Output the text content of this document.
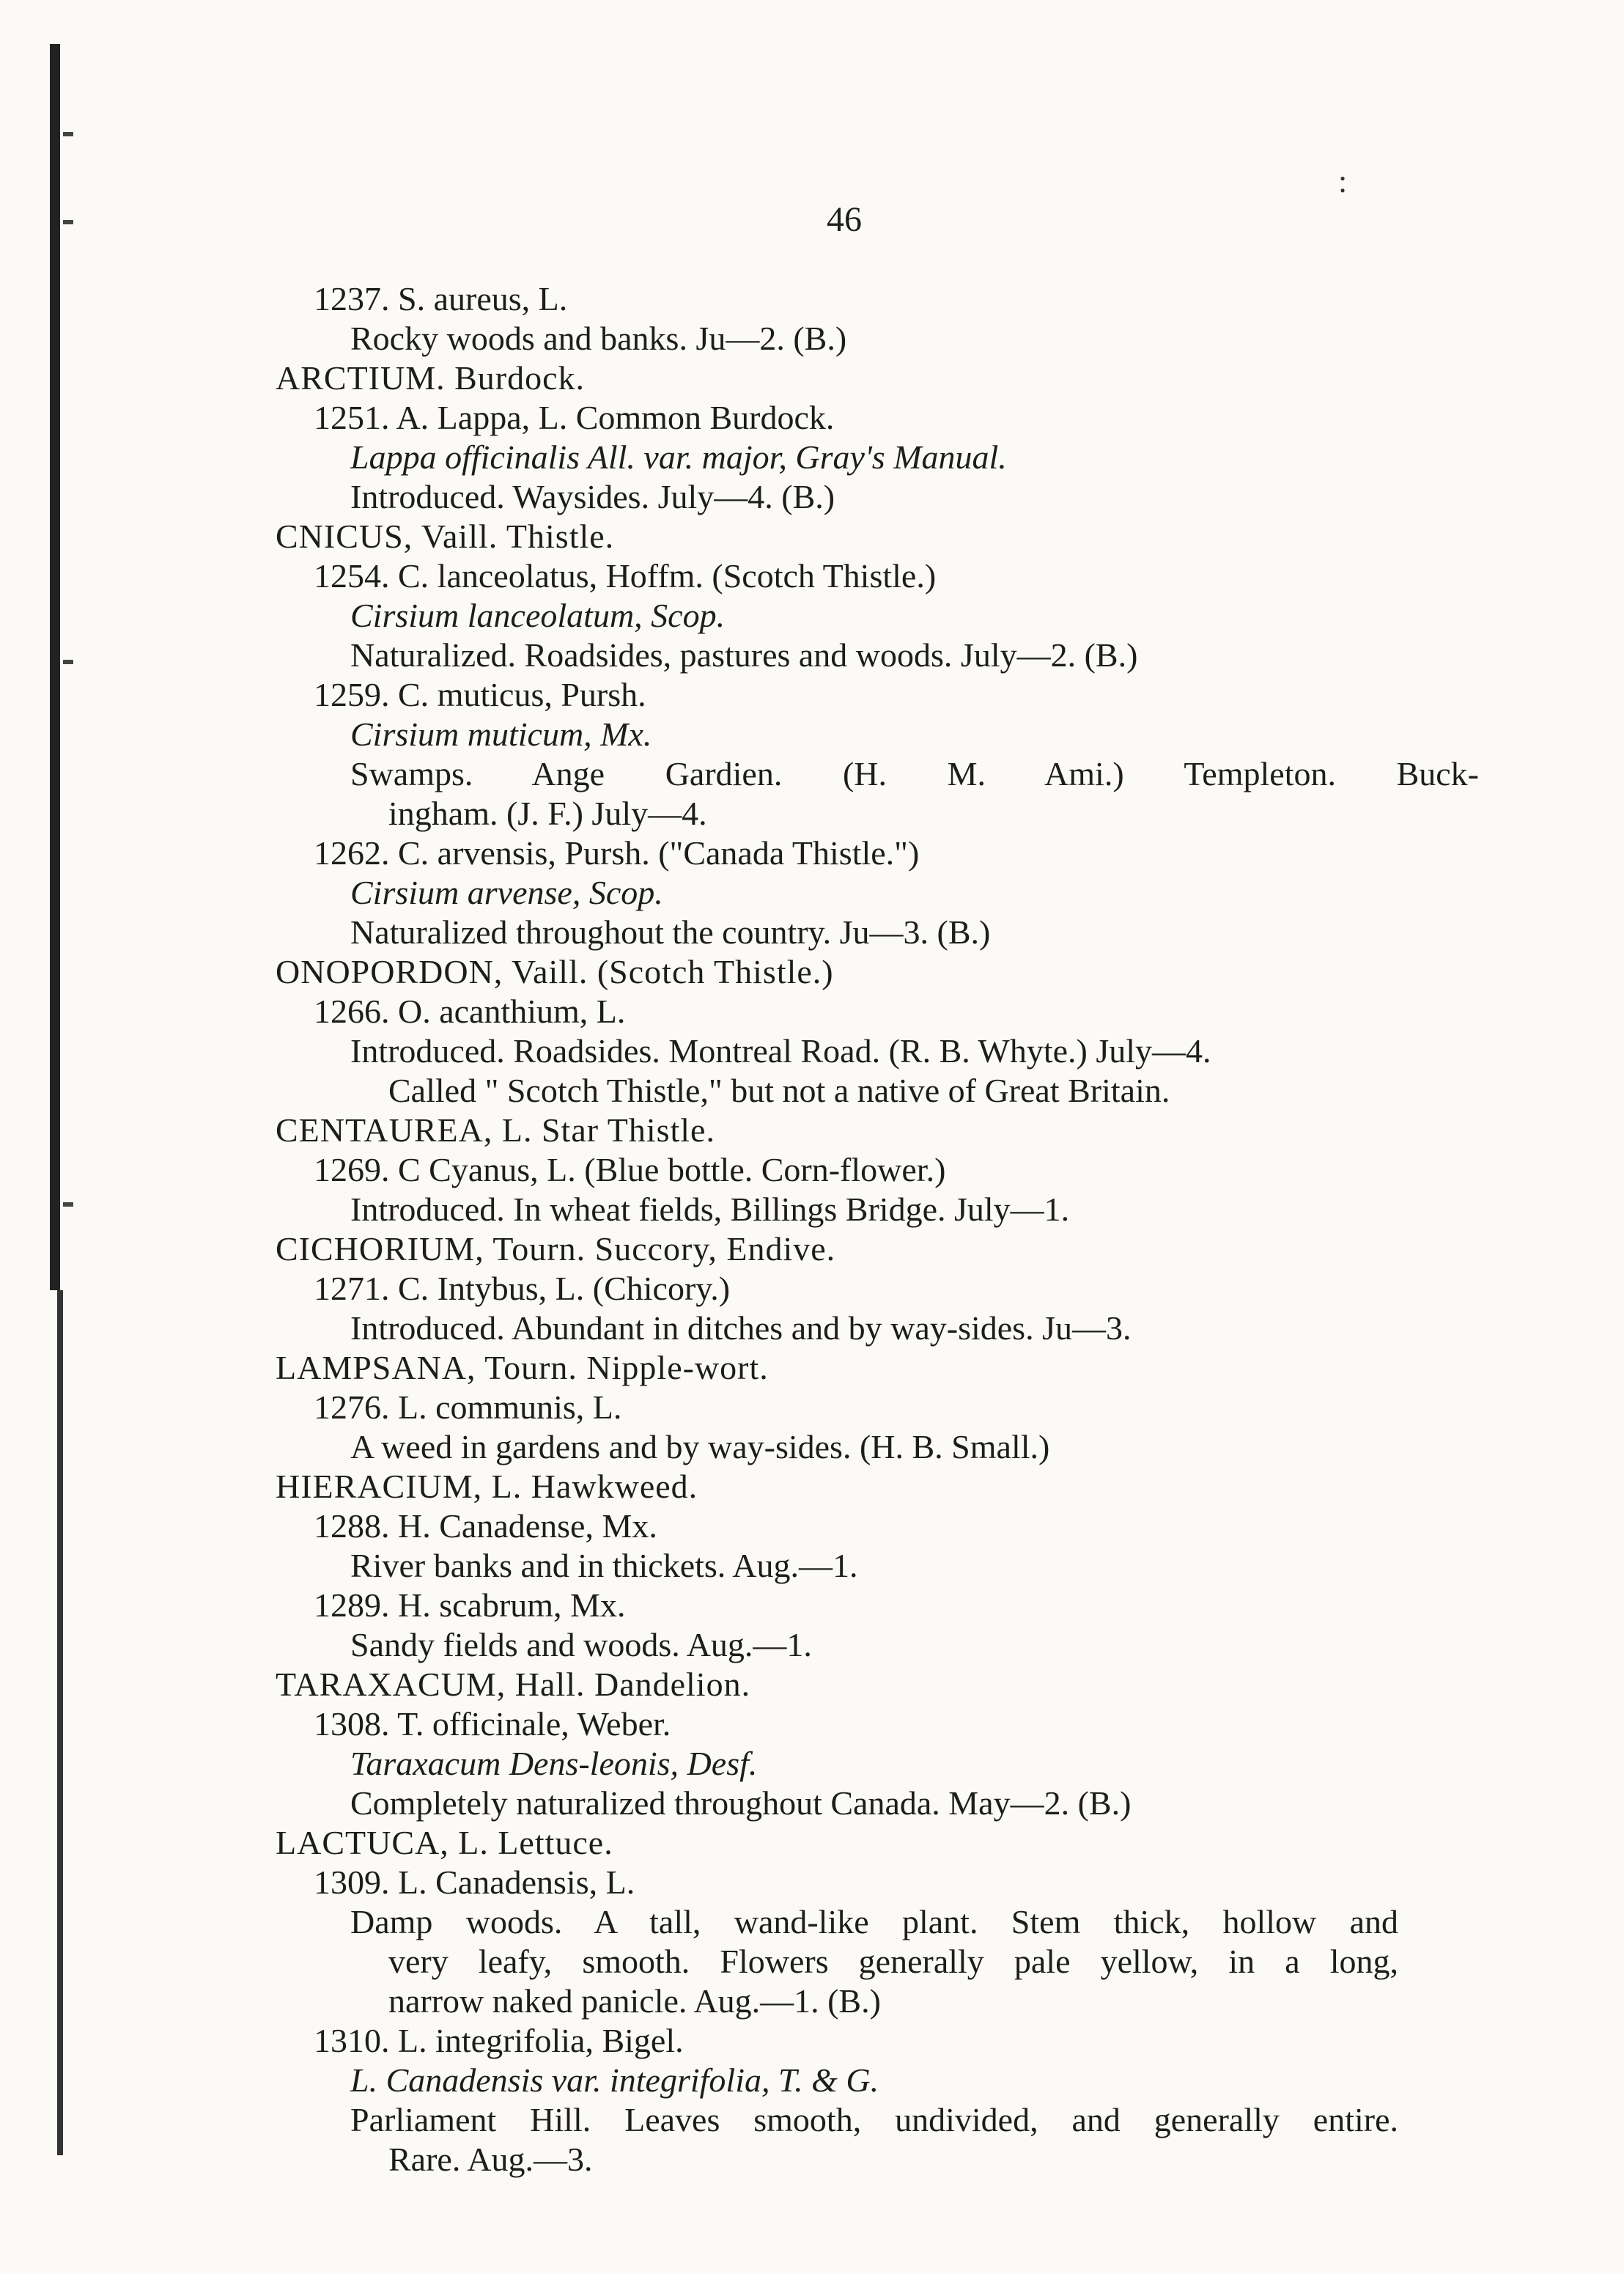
46
:
1237. S. aureus, L.
Rocky woods and banks. Ju—2. (B.)
ARCTIUM. Burdock.
1251. A. Lappa, L. Common Burdock.
Lappa officinalis All. var. major, Gray's Manual.
Introduced. Waysides. July—4. (B.)
CNICUS, Vaill. Thistle.
1254. C. lanceolatus, Hoffm. (Scotch Thistle.)
Cirsium lanceolatum, Scop.
Naturalized. Roadsides, pastures and woods. July—2. (B.)
1259. C. muticus, Pursh.
Cirsium muticum, Mx.
Swamps. Ange Gardien. (H. M. Ami.) Templeton. Buck-
ingham. (J. F.) July—4.
1262. C. arvensis, Pursh. ("Canada Thistle.")
Cirsium arvense, Scop.
Naturalized throughout the country. Ju—3. (B.)
ONOPORDON, Vaill. (Scotch Thistle.)
1266. O. acanthium, L.
Introduced. Roadsides. Montreal Road. (R. B. Whyte.) July—4.
Called " Scotch Thistle," but not a native of Great Britain.
CENTAUREA, L. Star Thistle.
1269. C Cyanus, L. (Blue bottle. Corn-flower.)
Introduced. In wheat fields, Billings Bridge. July—1.
CICHORIUM, Tourn. Succory, Endive.
1271. C. Intybus, L. (Chicory.)
Introduced. Abundant in ditches and by way-sides. Ju—3.
LAMPSANA, Tourn. Nipple-wort.
1276. L. communis, L.
A weed in gardens and by way-sides. (H. B. Small.)
HIERACIUM, L. Hawkweed.
1288. H. Canadense, Mx.
River banks and in thickets. Aug.—1.
1289. H. scabrum, Mx.
Sandy fields and woods. Aug.—1.
TARAXACUM, Hall. Dandelion.
1308. T. officinale, Weber.
Taraxacum Dens-leonis, Desf.
Completely naturalized throughout Canada. May—2. (B.)
LACTUCA, L. Lettuce.
1309. L. Canadensis, L.
Damp woods. A tall, wand-like plant. Stem thick, hollow and
very leafy, smooth. Flowers generally pale yellow, in a long,
narrow naked panicle. Aug.—1. (B.)
1310. L. integrifolia, Bigel.
L. Canadensis var. integrifolia, T. & G.
Parliament Hill. Leaves smooth, undivided, and generally entire.
Rare. Aug.—3.
